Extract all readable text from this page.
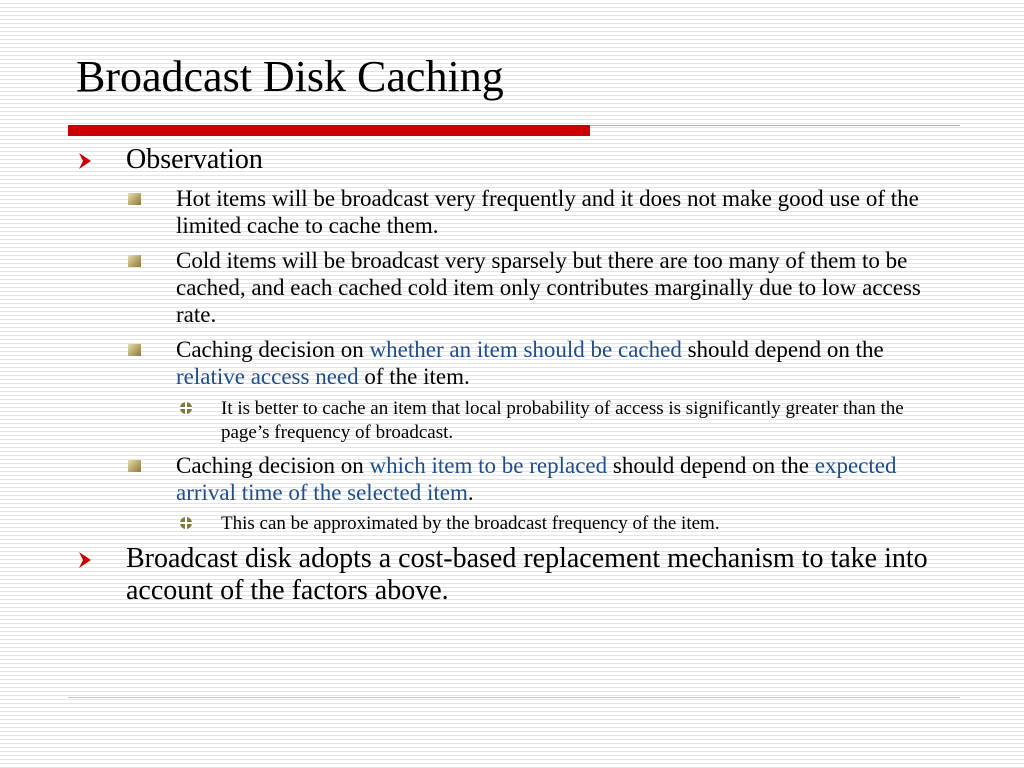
Broadcast Disk Caching
Observation
Hot items will be broadcast very frequently and it does not make good use of the limited cache to cache them.
Cold items will be broadcast very sparsely but there are too many of them to be cached, and each cached cold item only contributes marginally due to low access rate.
Caching decision on whether an item should be cached should depend on the relative access need of the item.
It is better to cache an item that local probability of access is significantly greater than the page’s frequency of broadcast.
Caching decision on which item to be replaced should depend on the expected arrival time of the selected item.
This can be approximated by the broadcast frequency of the item.
Broadcast disk adopts a cost-based replacement mechanism to take into account of the factors above.
